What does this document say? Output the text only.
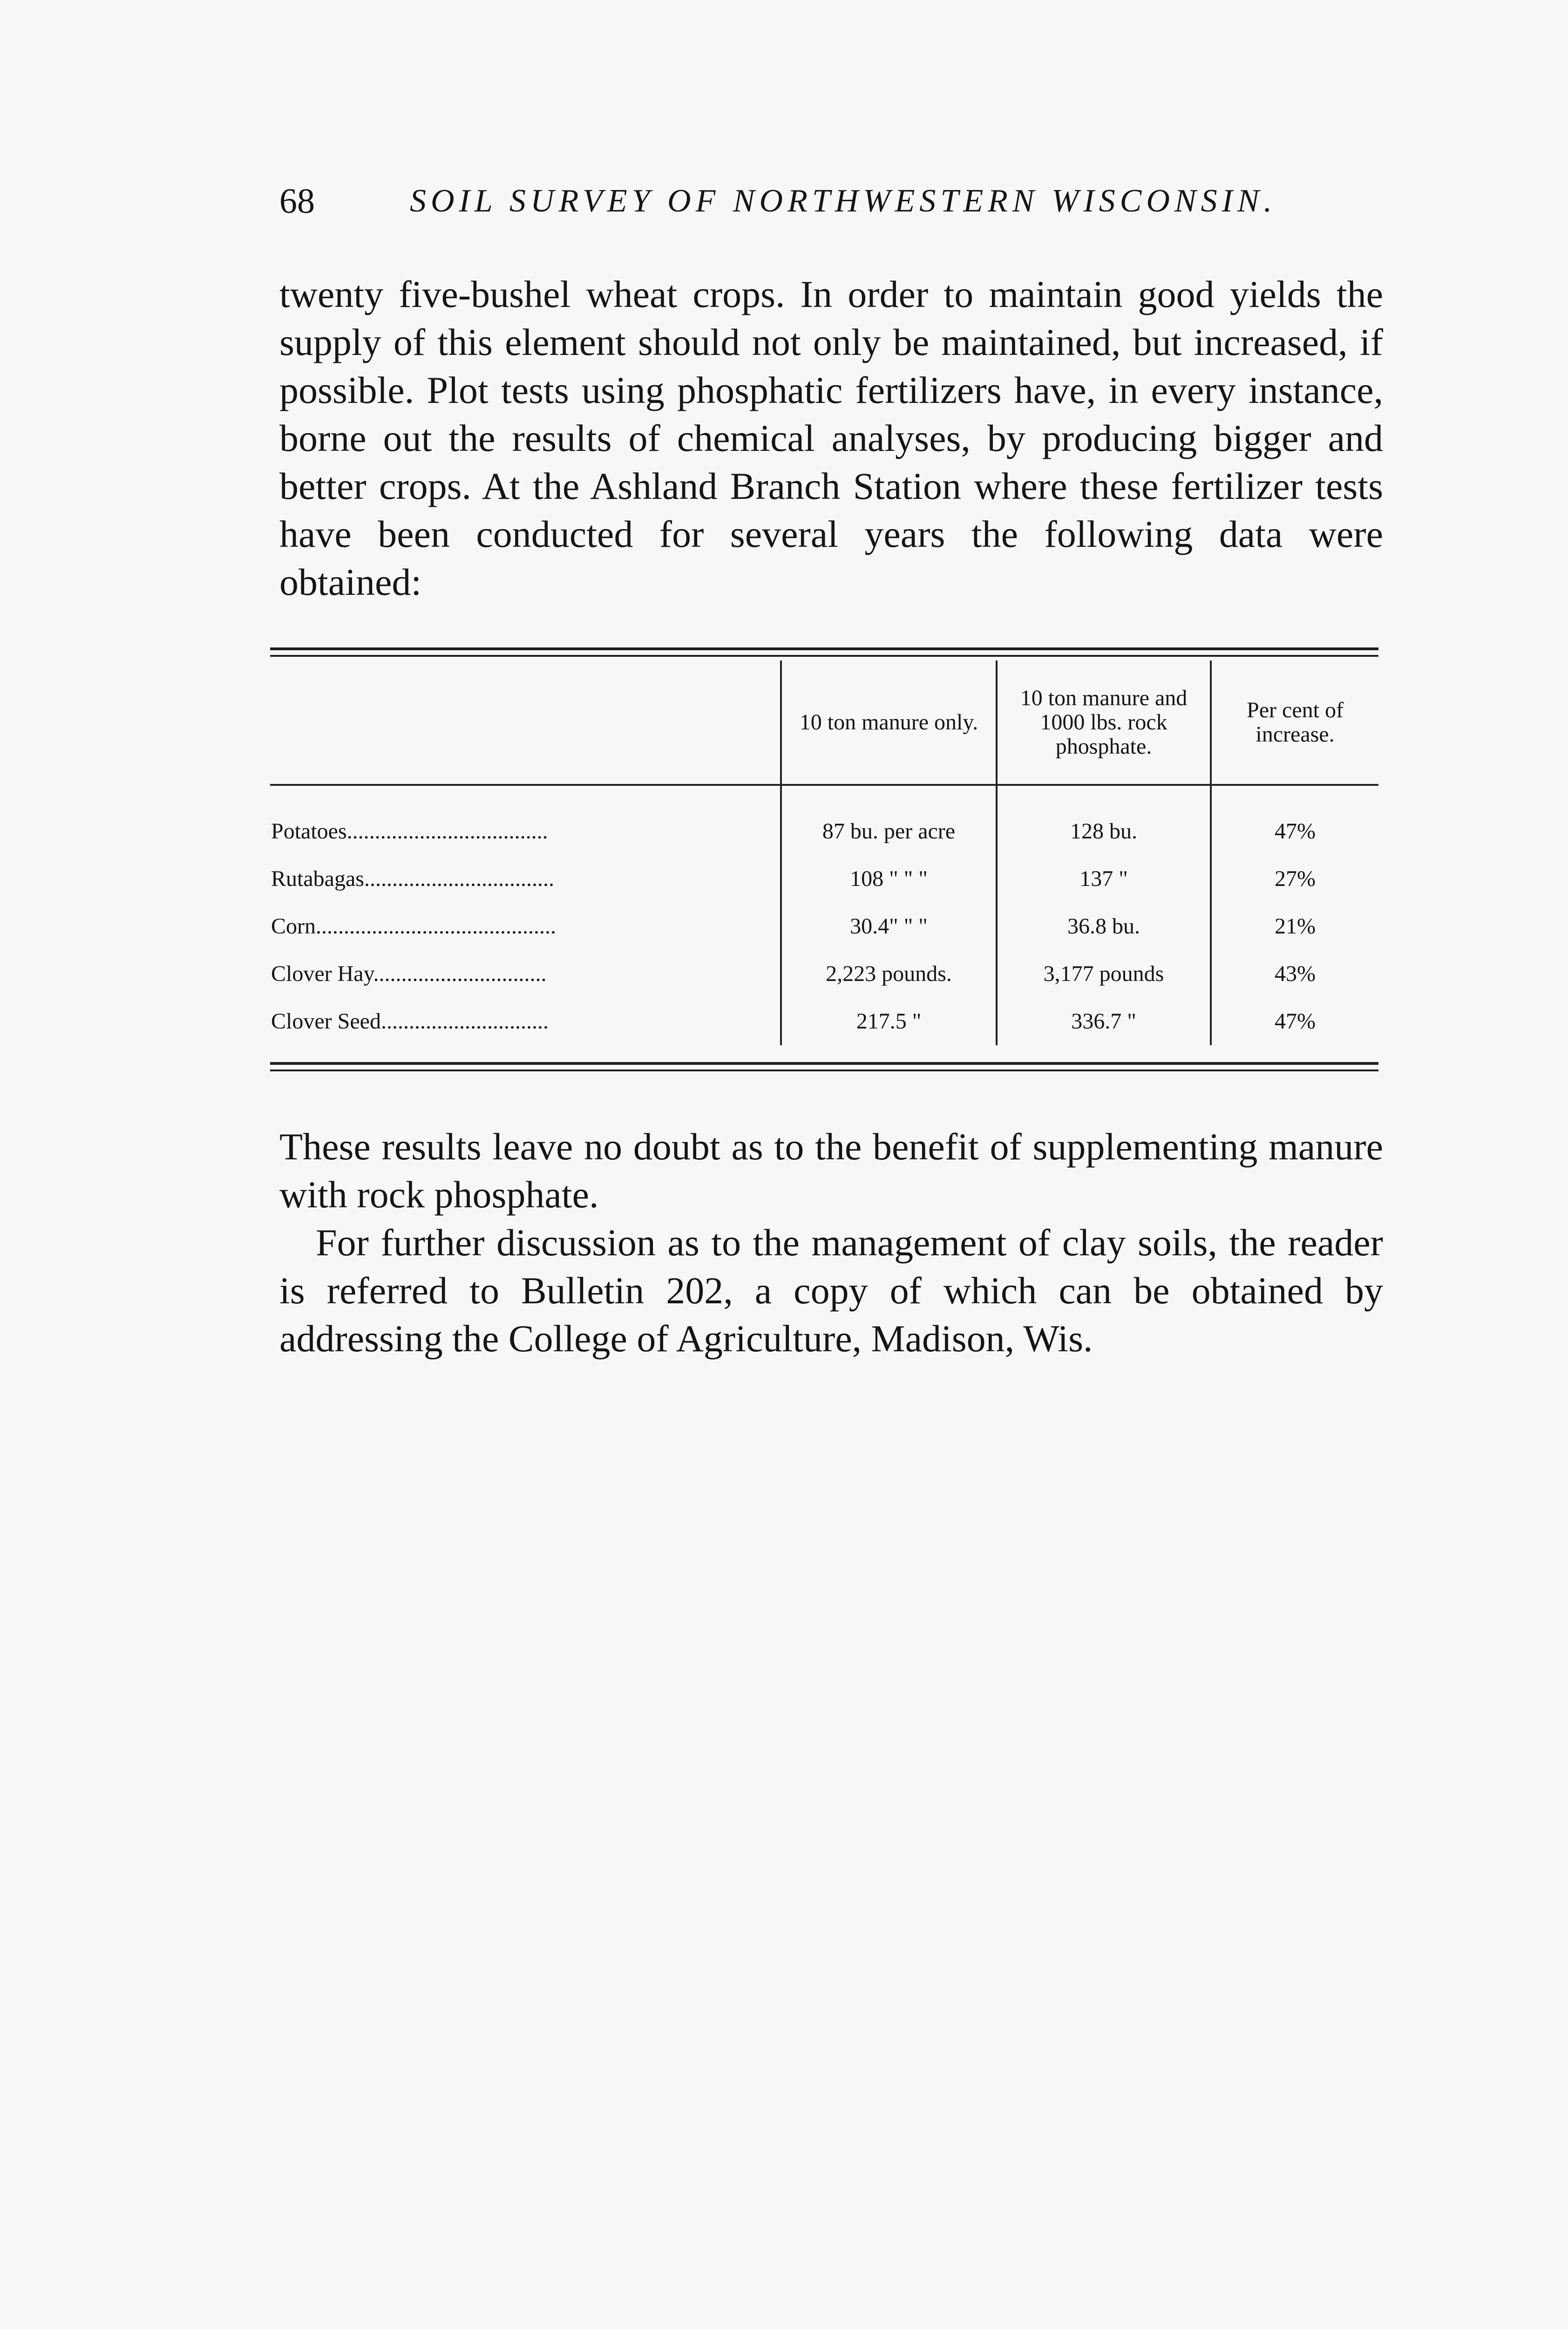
68	SOIL SURVEY OF NORTHWESTERN WISCONSIN.
twenty five-bushel wheat crops. In order to maintain good yields the supply of this element should not only be maintained, but increased, if possible. Plot tests using phosphatic fertilizers have, in every instance, borne out the results of chemical analyses, by producing bigger and better crops. At the Ashland Branch Station where these fertilizer tests have been conducted for several years the following data were obtained:
	10 ton manure only.	10 ton manure and 1000 lbs. rock phosphate.	Per cent of increase.
Potatoes....................................	87 bu. per acre	128 bu.	47%
Rutabagas..................................	108 " " "	137 "	27%
Corn...........................................	30.4" " "	36.8 bu.	21%
Clover Hay...............................	2,223 pounds.	3,177 pounds	43%
Clover Seed..............................	217.5 "	336.7 "	47%

These results leave no doubt as to the benefit of supplementing manure with rock phosphate.

For further discussion as to the management of clay soils, the reader is referred to Bulletin 202, a copy of which can be obtained by addressing the College of Agriculture, Madison, Wis.
